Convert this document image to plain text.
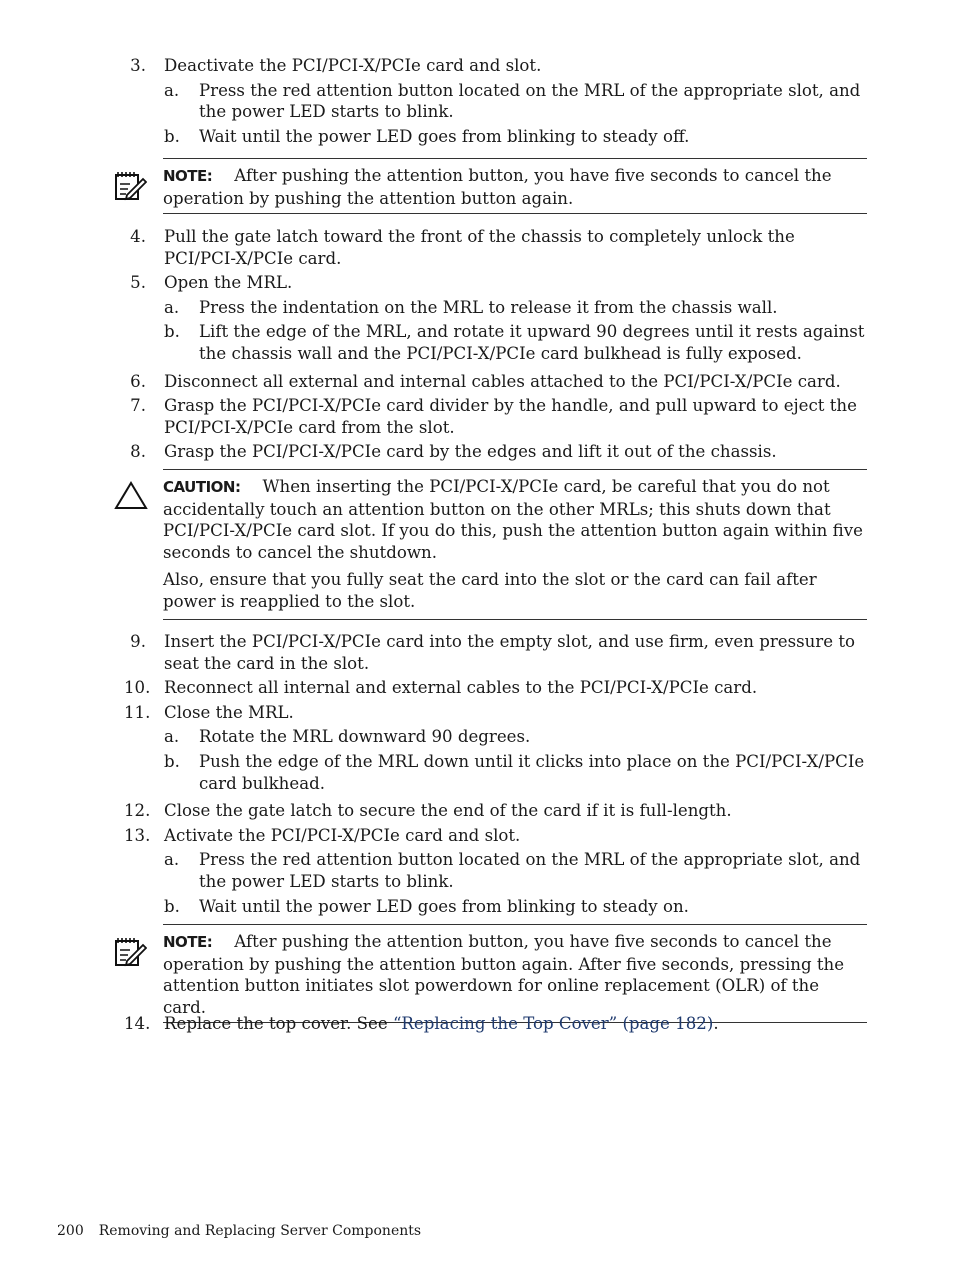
3. Deactivate the PCI/PCI-X/PCIe card and slot.
a. Press the red attention button located on the MRL of the appropriate slot, and the power LED starts to blink.
b. Wait until the power LED goes from blinking to steady off.

NOTE: After pushing the attention button, you have five seconds to cancel the operation by pushing the attention button again.

4. Pull the gate latch toward the front of the chassis to completely unlock the PCI/PCI-X/PCIe card.
5. Open the MRL.
a. Press the indentation on the MRL to release it from the chassis wall.
b. Lift the edge of the MRL, and rotate it upward 90 degrees until it rests against the chassis wall and the PCI/PCI-X/PCIe card bulkhead is fully exposed.
6. Disconnect all external and internal cables attached to the PCI/PCI-X/PCIe card.
7. Grasp the PCI/PCI-X/PCIe card divider by the handle, and pull upward to eject the PCI/PCI-X/PCIe card from the slot.
8. Grasp the PCI/PCI-X/PCIe card by the edges and lift it out of the chassis.

CAUTION: When inserting the PCI/PCI-X/PCIe card, be careful that you do not accidentally touch an attention button on the other MRLs; this shuts down that PCI/PCI-X/PCIe card slot. If you do this, push the attention button again within five seconds to cancel the shutdown.

Also, ensure that you fully seat the card into the slot or the card can fail after power is reapplied to the slot.

9. Insert the PCI/PCI-X/PCIe card into the empty slot, and use firm, even pressure to seat the card in the slot.
10. Reconnect all internal and external cables to the PCI/PCI-X/PCIe card.
11. Close the MRL.
a. Rotate the MRL downward 90 degrees.
b. Push the edge of the MRL down until it clicks into place on the PCI/PCI-X/PCIe card bulkhead.
12. Close the gate latch to secure the end of the card if it is full-length.
13. Activate the PCI/PCI-X/PCIe card and slot.
a. Press the red attention button located on the MRL of the appropriate slot, and the power LED starts to blink.
b. Wait until the power LED goes from blinking to steady on.

NOTE: After pushing the attention button, you have five seconds to cancel the operation by pushing the attention button again. After five seconds, pressing the attention button initiates slot powerdown for online replacement (OLR) of the card.

14. Replace the top cover. See “Replacing the Top Cover” (page 182).
200 Removing and Replacing Server Components
